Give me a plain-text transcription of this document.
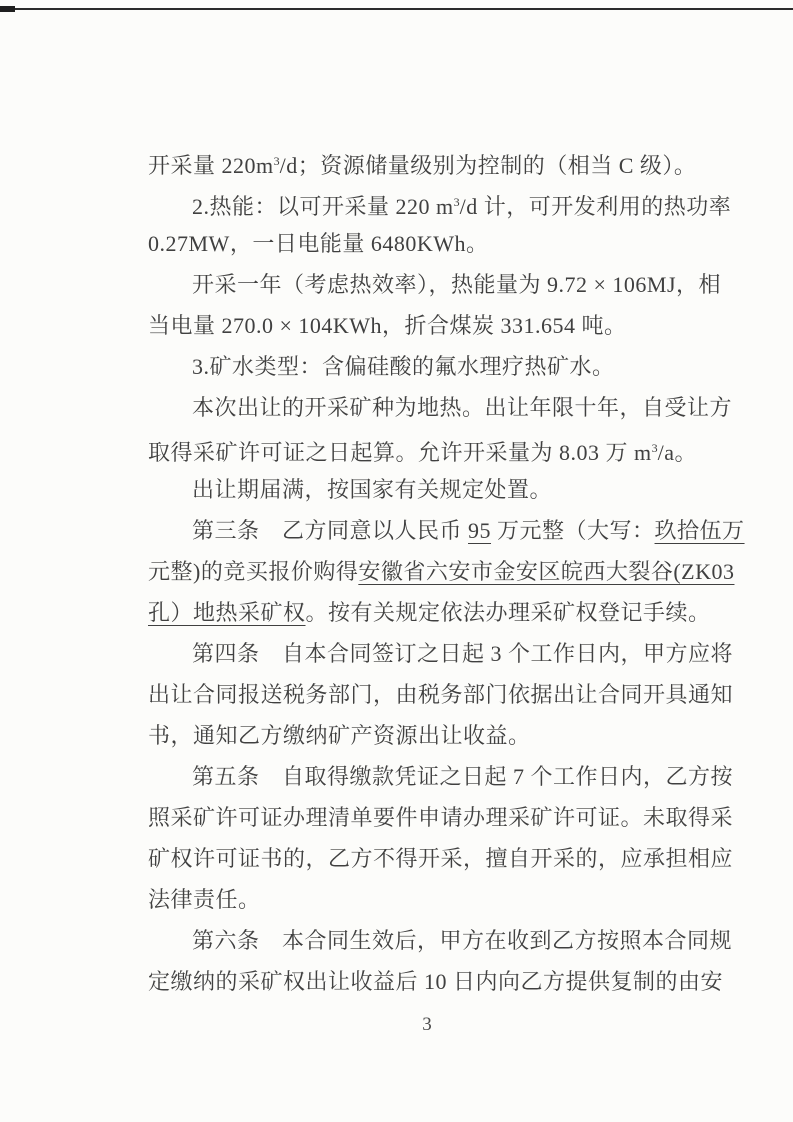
开采量 $220m^3/d$；资源储量级别为控制的（相当 C 级）。
2.热能：以可开采量 220 $m^3/d$ 计，可开发利用的热功率
0.27MW，一日电能量 6480KWh。
开采一年（考虑热效率），热能量为 9.72 × 106MJ，相
当电量 270.0 × 104KWh，折合煤炭 331.654 吨。
3.矿水类型：含偏硅酸的氟水理疗热矿水。
本次出让的开采矿种为地热。出让年限十年，自受让方
取得采矿许可证之日起算。允许开采量为 8.03 万 $m^3/a$。
出让期届满，按国家有关规定处置。
第三条　乙方同意以人民币 95 万元整（大写：玖拾伍万
元整)的竞买报价购得安徽省六安市金安区皖西大裂谷(ZK03
孔）地热采矿权。按有关规定依法办理采矿权登记手续。
第四条　自本合同签订之日起 3 个工作日内，甲方应将
出让合同报送税务部门，由税务部门依据出让合同开具通知
书，通知乙方缴纳矿产资源出让收益。
第五条　自取得缴款凭证之日起 7 个工作日内，乙方按
照采矿许可证办理清单要件申请办理采矿许可证。未取得采
矿权许可证书的，乙方不得开采，擅自开采的，应承担相应
法律责任。
第六条　本合同生效后，甲方在收到乙方按照本合同规
定缴纳的采矿权出让收益后 10 日内向乙方提供复制的由安
3
